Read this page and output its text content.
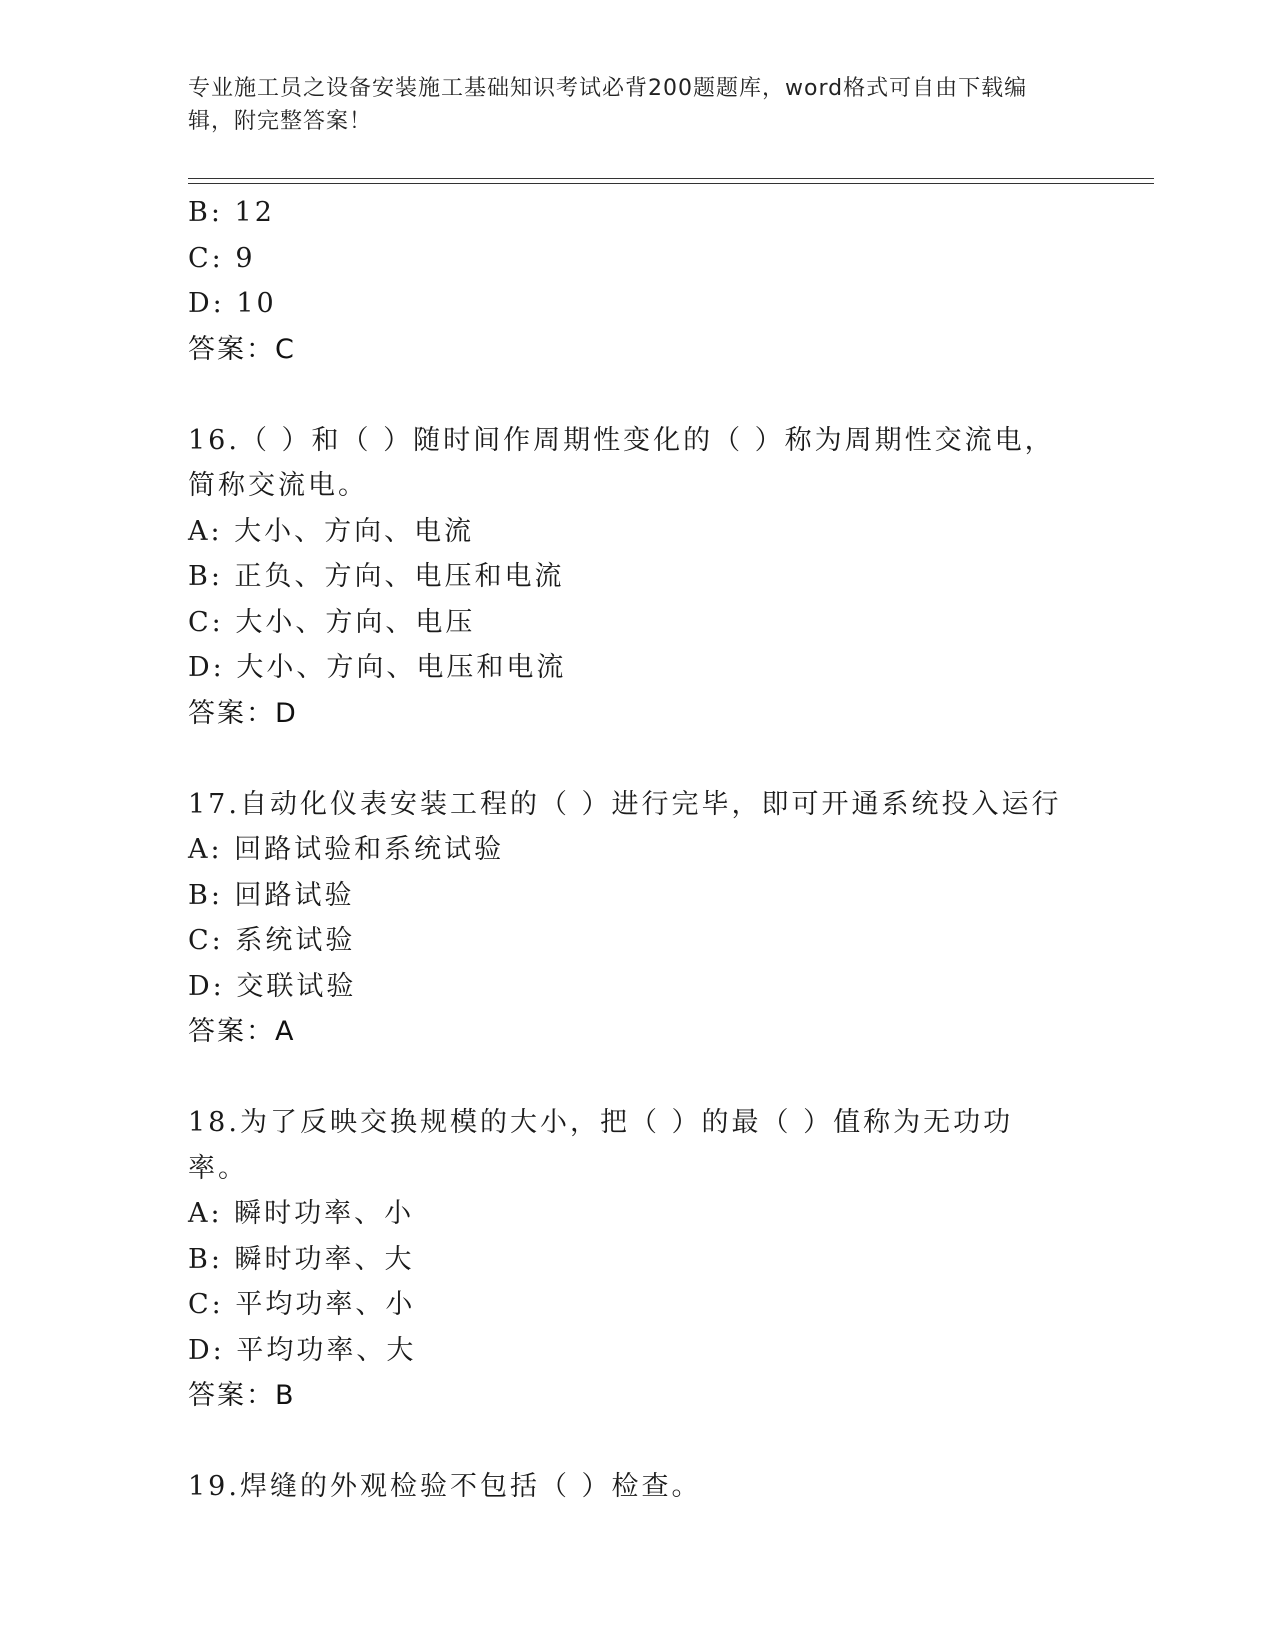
专业施工员之设备安装施工基础知识考试必背200题题库，word格式可自由下载编辑，附完整答案！
B: 12
C: 9
D: 10
答案：C
16.（ ）和（ ）随时间作周期性变化的（ ）称为周期性交流电，简称交流电。
A: 大小、方向、电流
B: 正负、方向、电压和电流
C: 大小、方向、电压
D: 大小、方向、电压和电流
答案：D
17.自动化仪表安装工程的（ ）进行完毕，即可开通系统投入运行
A: 回路试验和系统试验
B: 回路试验
C: 系统试验
D: 交联试验
答案：A
18.为了反映交换规模的大小，把（ ）的最（ ）值称为无功功率。
A: 瞬时功率、小
B: 瞬时功率、大
C: 平均功率、小
D: 平均功率、大
答案：B
19.焊缝的外观检验不包括（ ）检查。
